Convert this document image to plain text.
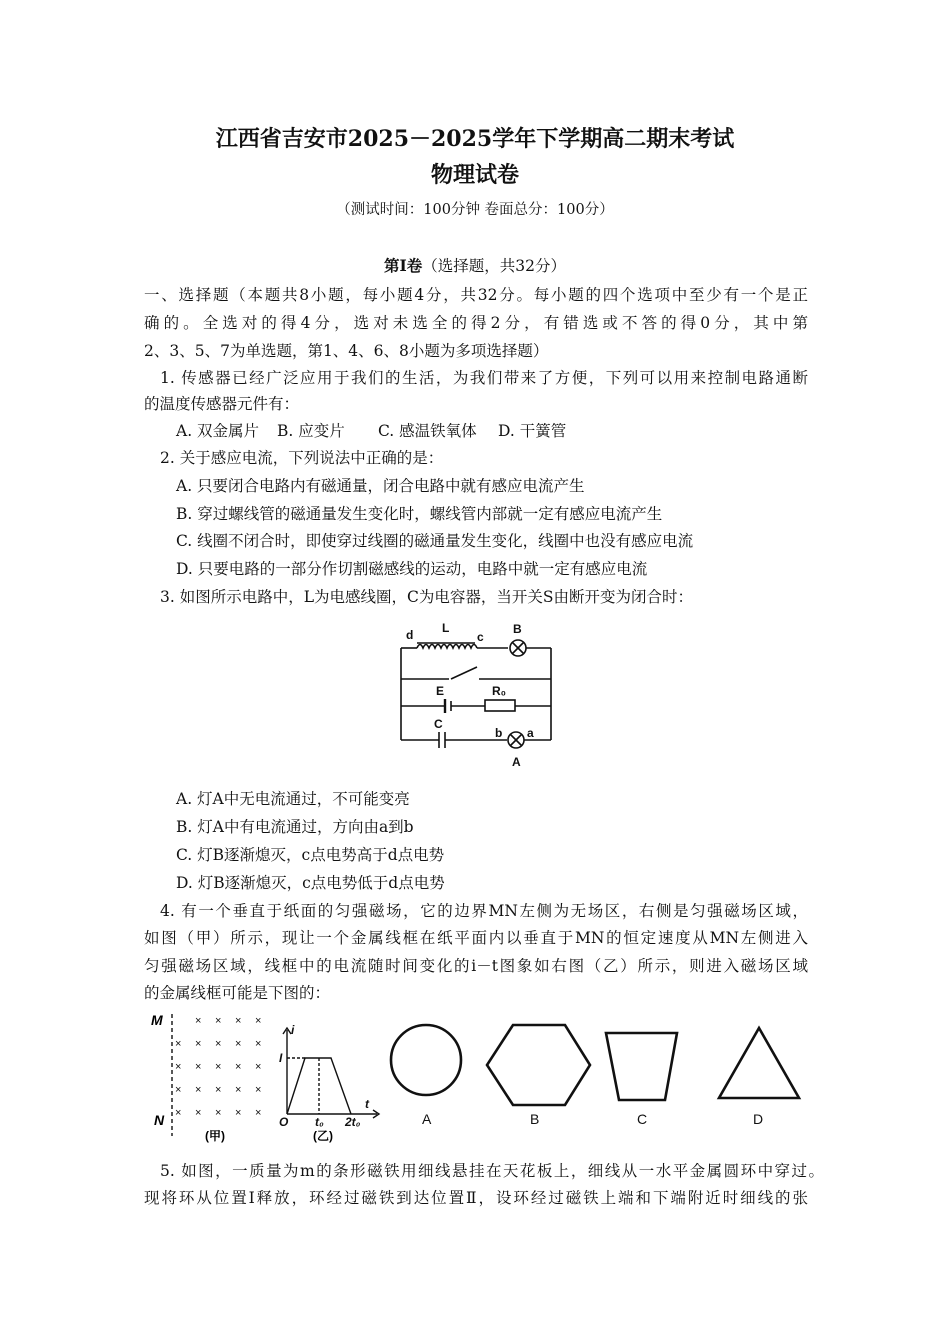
江西省吉安市2025－2025学年下学期高二期末考试
物理试卷
（测试时间：100分钟 卷面总分：100分）
第Ⅰ卷（选择题，共32分）
一、选择题（本题共8小题，每小题4分，共32分。每小题的四个选项中至少有一个是正
确的。全选对的得4分，选对未选全的得2分，有错选或不答的得0分，其中第
2、3、5、7为单选题，第1、4、6、8小题为多项选择题）
1. 传感器已经广泛应用于我们的生活，为我们带来了方便，下列可以用来控制电路通断
的温度传感器元件有：
A. 双金属片 B. 应变片 C. 感温铁氧体 D. 干簧管
2. 关于感应电流，下列说法中正确的是：
A. 只要闭合电路内有磁通量，闭合电路中就有感应电流产生
B. 穿过螺线管的磁通量发生变化时，螺线管内部就一定有感应电流产生
C. 线圈不闭合时，即使穿过线圈的磁通量发生变化，线圈中也没有感应电流
D. 只要电路的一部分作切割磁感线的运动，电路中就一定有感应电流
3. 如图所示电路中，L为电感线圈，C为电容器，当开关S由断开变为闭合时：
d L
c
B
E	R₀
C
b a
A
A. 灯A中无电流通过，不可能变亮
B. 灯A中有电流通过，方向由a到b
C. 灯B逐渐熄灭，c点电势高于d点电势
D. 灯B逐渐熄灭，c点电势低于d点电势
4. 有一个垂直于纸面的匀强磁场，它的边界MN左侧为无场区，右侧是匀强磁场区域，
如图（甲）所示，现让一个金属线框在纸平面内以垂直于MN的恒定速度从MN左侧进入
匀强磁场区域，线框中的电流随时间变化的i－t图象如右图（乙）所示，则进入磁场区域
的金属线框可能是下图的：
× × × ×
× × × × ×
× × × × ×
× × × × ×
× × × × ×
M
N
(甲)
i
I
O t₀ 2t₀
t
(乙)
A	B	C	D
5. 如图，一质量为m的条形磁铁用细线悬挂在天花板上，细线从一水平金属圆环中穿过。
现将环从位置Ⅰ释放，环经过磁铁到达位置Ⅱ，设环经过磁铁上端和下端附近时细线的张
